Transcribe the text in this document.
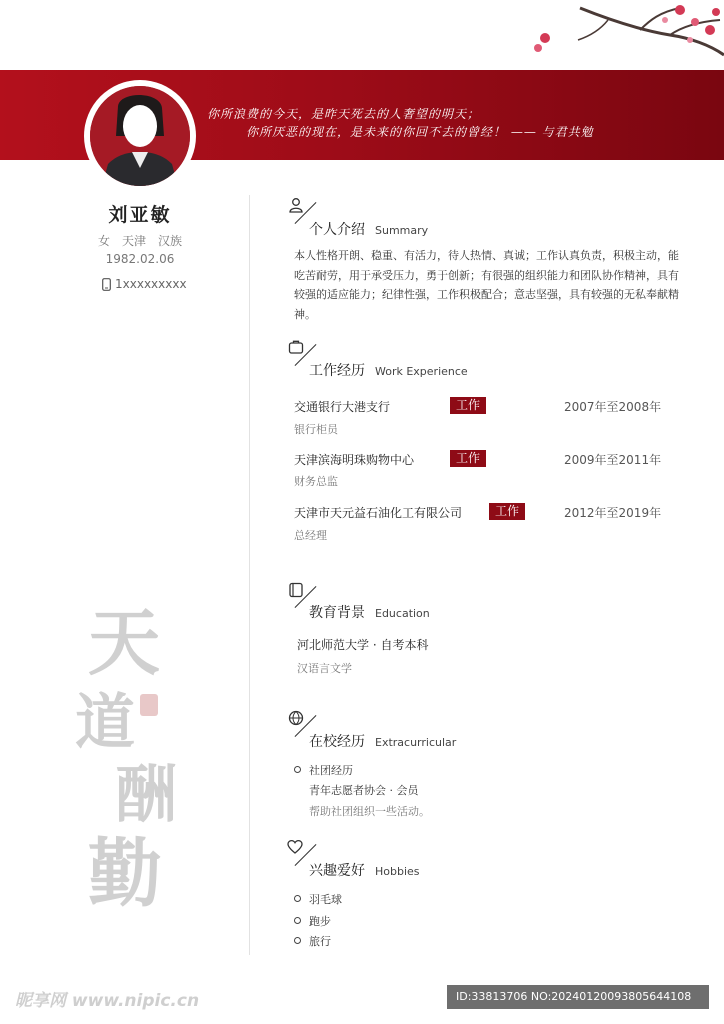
你所浪费的今天，是昨天死去的人奢望的明天；
你所厌恶的现在，是未来的你回不去的曾经！ —— 与君共勉
刘亚敏
女　天津　汉族
1982.02.06
1xxxxxxxxx
天
道
酬
勤
个人介绍 Summary
本人性格开朗、稳重、有活力，待人热情、真诚；工作认真负责，积极主动，能吃苦耐劳，用于承受压力，勇于创新；有很强的组织能力和团队协作精神，具有较强的适应能力；纪律性强，工作积极配合；意志坚强，具有较强的无私奉献精神。
工作经历 Work Experience
交通银行大港支行	工作	2007年至2008年
银行柜员
天津滨海明珠购物中心	工作	2009年至2011年
财务总监
天津市天元益石油化工有限公司	工作	2012年至2019年
总经理
教育背景 Education
河北师范大学 · 自考本科
汉语言文学
在校经历 Extracurricular
社团经历
青年志愿者协会 · 会员
帮助社团组织一些活动。
兴趣爱好 Hobbies
羽毛球
跑步
旅行
昵享网 www.nipic.cn	ID:33813706 NO:20240120093805644108
